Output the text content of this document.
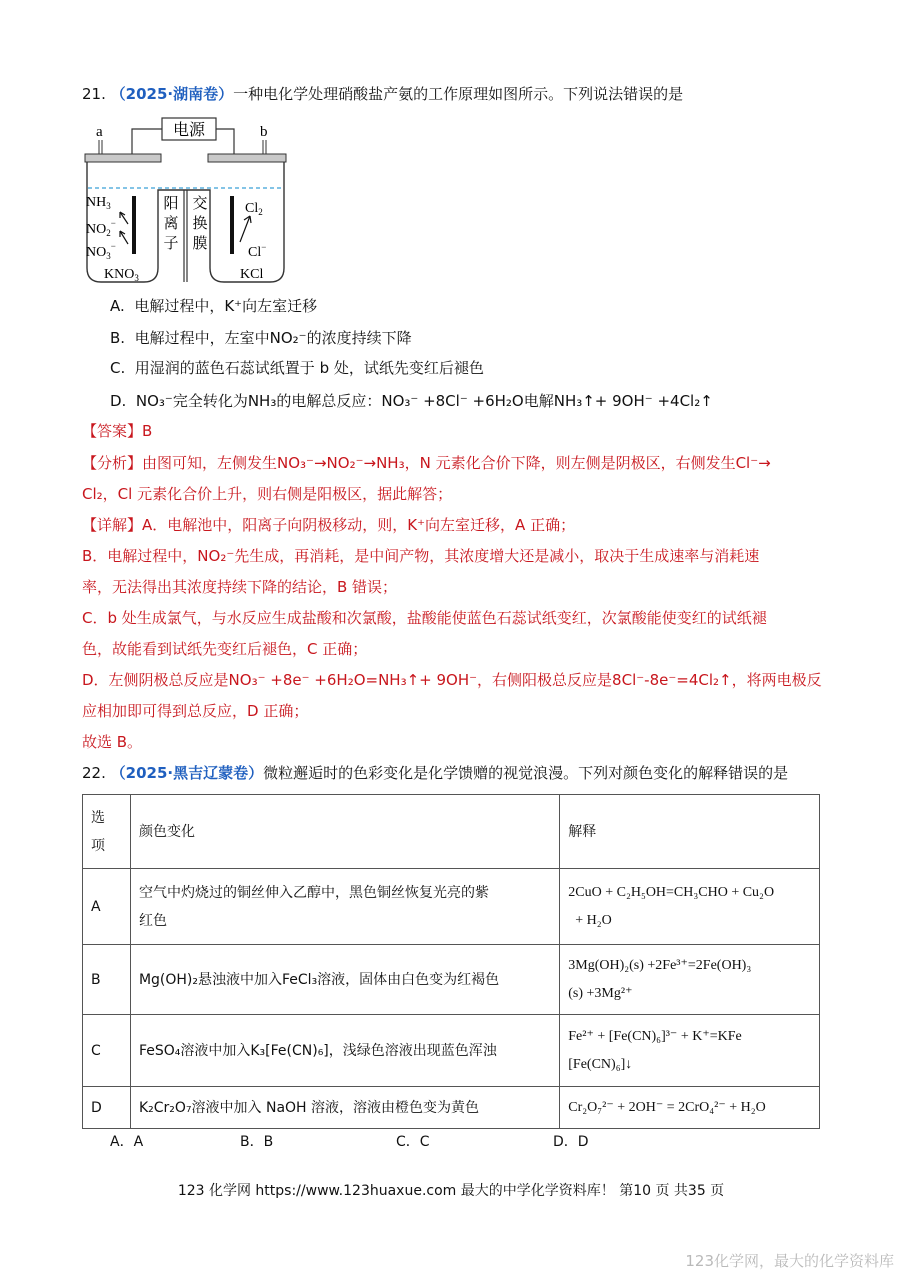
21. （2025·湖南卷）一种电化学处理硝酸盐产氨的工作原理如图所示。下列说法错误的是
电源
a	b
阳
离
子
交
换
膜
$NH_3$
$NO_2^-$
$NO_3^-$
$KNO_3$
$Cl_2$
Cl−
KCl
A. 电解过程中，K⁺向左室迁移
B. 电解过程中，左室中NO₂⁻的浓度持续下降
C. 用湿润的蓝色石蕊试纸置于 b 处，试纸先变红后褪色
D. NO₃⁻完全转化为NH₃的电解总反应：NO₃⁻ +8Cl⁻ +6H₂O电解NH₃↑+ 9OH⁻ +4Cl₂↑
【答案】B
【分析】由图可知，左侧发生NO₃⁻→NO₂⁻→NH₃，N 元素化合价下降，则左侧是阴极区，右侧发生Cl⁻→
Cl₂，Cl 元素化合价上升，则右侧是阳极区，据此解答；
【详解】A．电解池中，阳离子向阴极移动，则，K⁺向左室迁移，A 正确；
B．电解过程中，NO₂⁻先生成，再消耗，是中间产物，其浓度增大还是减小，取决于生成速率与消耗速
率，无法得出其浓度持续下降的结论，B 错误；
C．b 处生成氯气，与水反应生成盐酸和次氯酸，盐酸能使蓝色石蕊试纸变红，次氯酸能使变红的试纸褪
色，故能看到试纸先变红后褪色，C 正确；
D．左侧阴极总反应是NO₃⁻ +8e⁻ +6H₂O=NH₃↑+ 9OH⁻，右侧阳极总反应是8Cl⁻-8e⁻=4Cl₂↑，将两电极反
应相加即可得到总反应，D 正确；
故选 B。
22. （2025·黑吉辽蒙卷）微粒邂逅时的色彩变化是化学馈赠的视觉浪漫。下列对颜色变化的解释错误的是
选
项	颜色变化	解释
A	空气中灼烧过的铜丝伸入乙醇中，黑色铜丝恢复光亮的紫
红色	2CuO + C₂H₅OH=CH₃CHO + Cu₂O
+ H₂O
B	Mg(OH)₂悬浊液中加入FeCl₃溶液，固体由白色变为红褐色	3Mg(OH)₂(s) +2Fe³⁺=2Fe(OH)₃
(s) +3Mg²⁺
C	FeSO₄溶液中加入K₃[Fe(CN)₆]，浅绿色溶液出现蓝色浑浊	Fe²⁺ + [Fe(CN)₆]³⁻ + K⁺=KFe
[Fe(CN)₆]↓
D	K₂Cr₂O₇溶液中加入 NaOH 溶液，溶液由橙色变为黄色	Cr₂O₇²⁻ + 2OH⁻ = 2CrO₄²⁻ + H₂O
A．A	B．B	C．C	D．D
123 化学网 https://www.123huaxue.com 最大的中学化学资料库！ 第10 页 共35 页
123化学网，最大的化学资料库
